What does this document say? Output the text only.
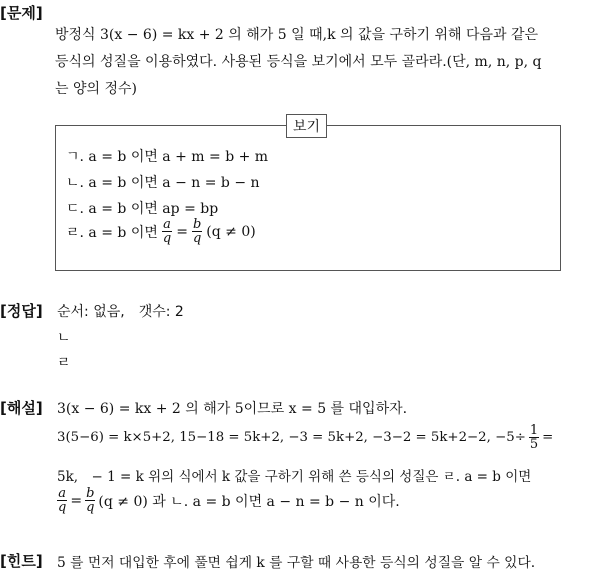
[문제]
방정식 3(x − 6) = kx + 2 의 해가 5 일 때,k 의 값을 구하기 위해 다음과 같은
등식의 성질을 이용하였다. 사용된 등식을 보기에서 모두 골라라.(단, m, n, p, q
는 양의 정수)
보기
ㄱ. a = b 이면 a + m = b + m
ㄴ. a = b 이면 a − n = b − n
ㄷ. a = b 이면 ap = bp
ㄹ. a = b 이면 $\frac{a}{q} = \frac{b}{q} (q \ne 0)$
[정답] 순서: 없음,　갯수: 2
ㄴ
ㄹ
[해설] 3(x − 6) = kx + 2 의 해가 5이므로 x = 5 를 대입하자.
3(5−6) = k×5+2, 15−18 = 5k+2, −3 = 5k+2, −3−2 = 5k+2−2, $-5\div \frac{1}{5}$ =
5k,　− 1 = k 위의 식에서 k 값을 구하기 위해 쓴 등식의 성질은 ㄹ. a = b 이면
$\frac{a}{q} = \frac{b}{q} (q \ne 0)$ 과 ㄴ. a = b 이면 a − n = b − n 이다.
[힌트] 5 를 먼저 대입한 후에 풀면 쉽게 k 를 구할 때 사용한 등식의 성질을 알 수 있다.
